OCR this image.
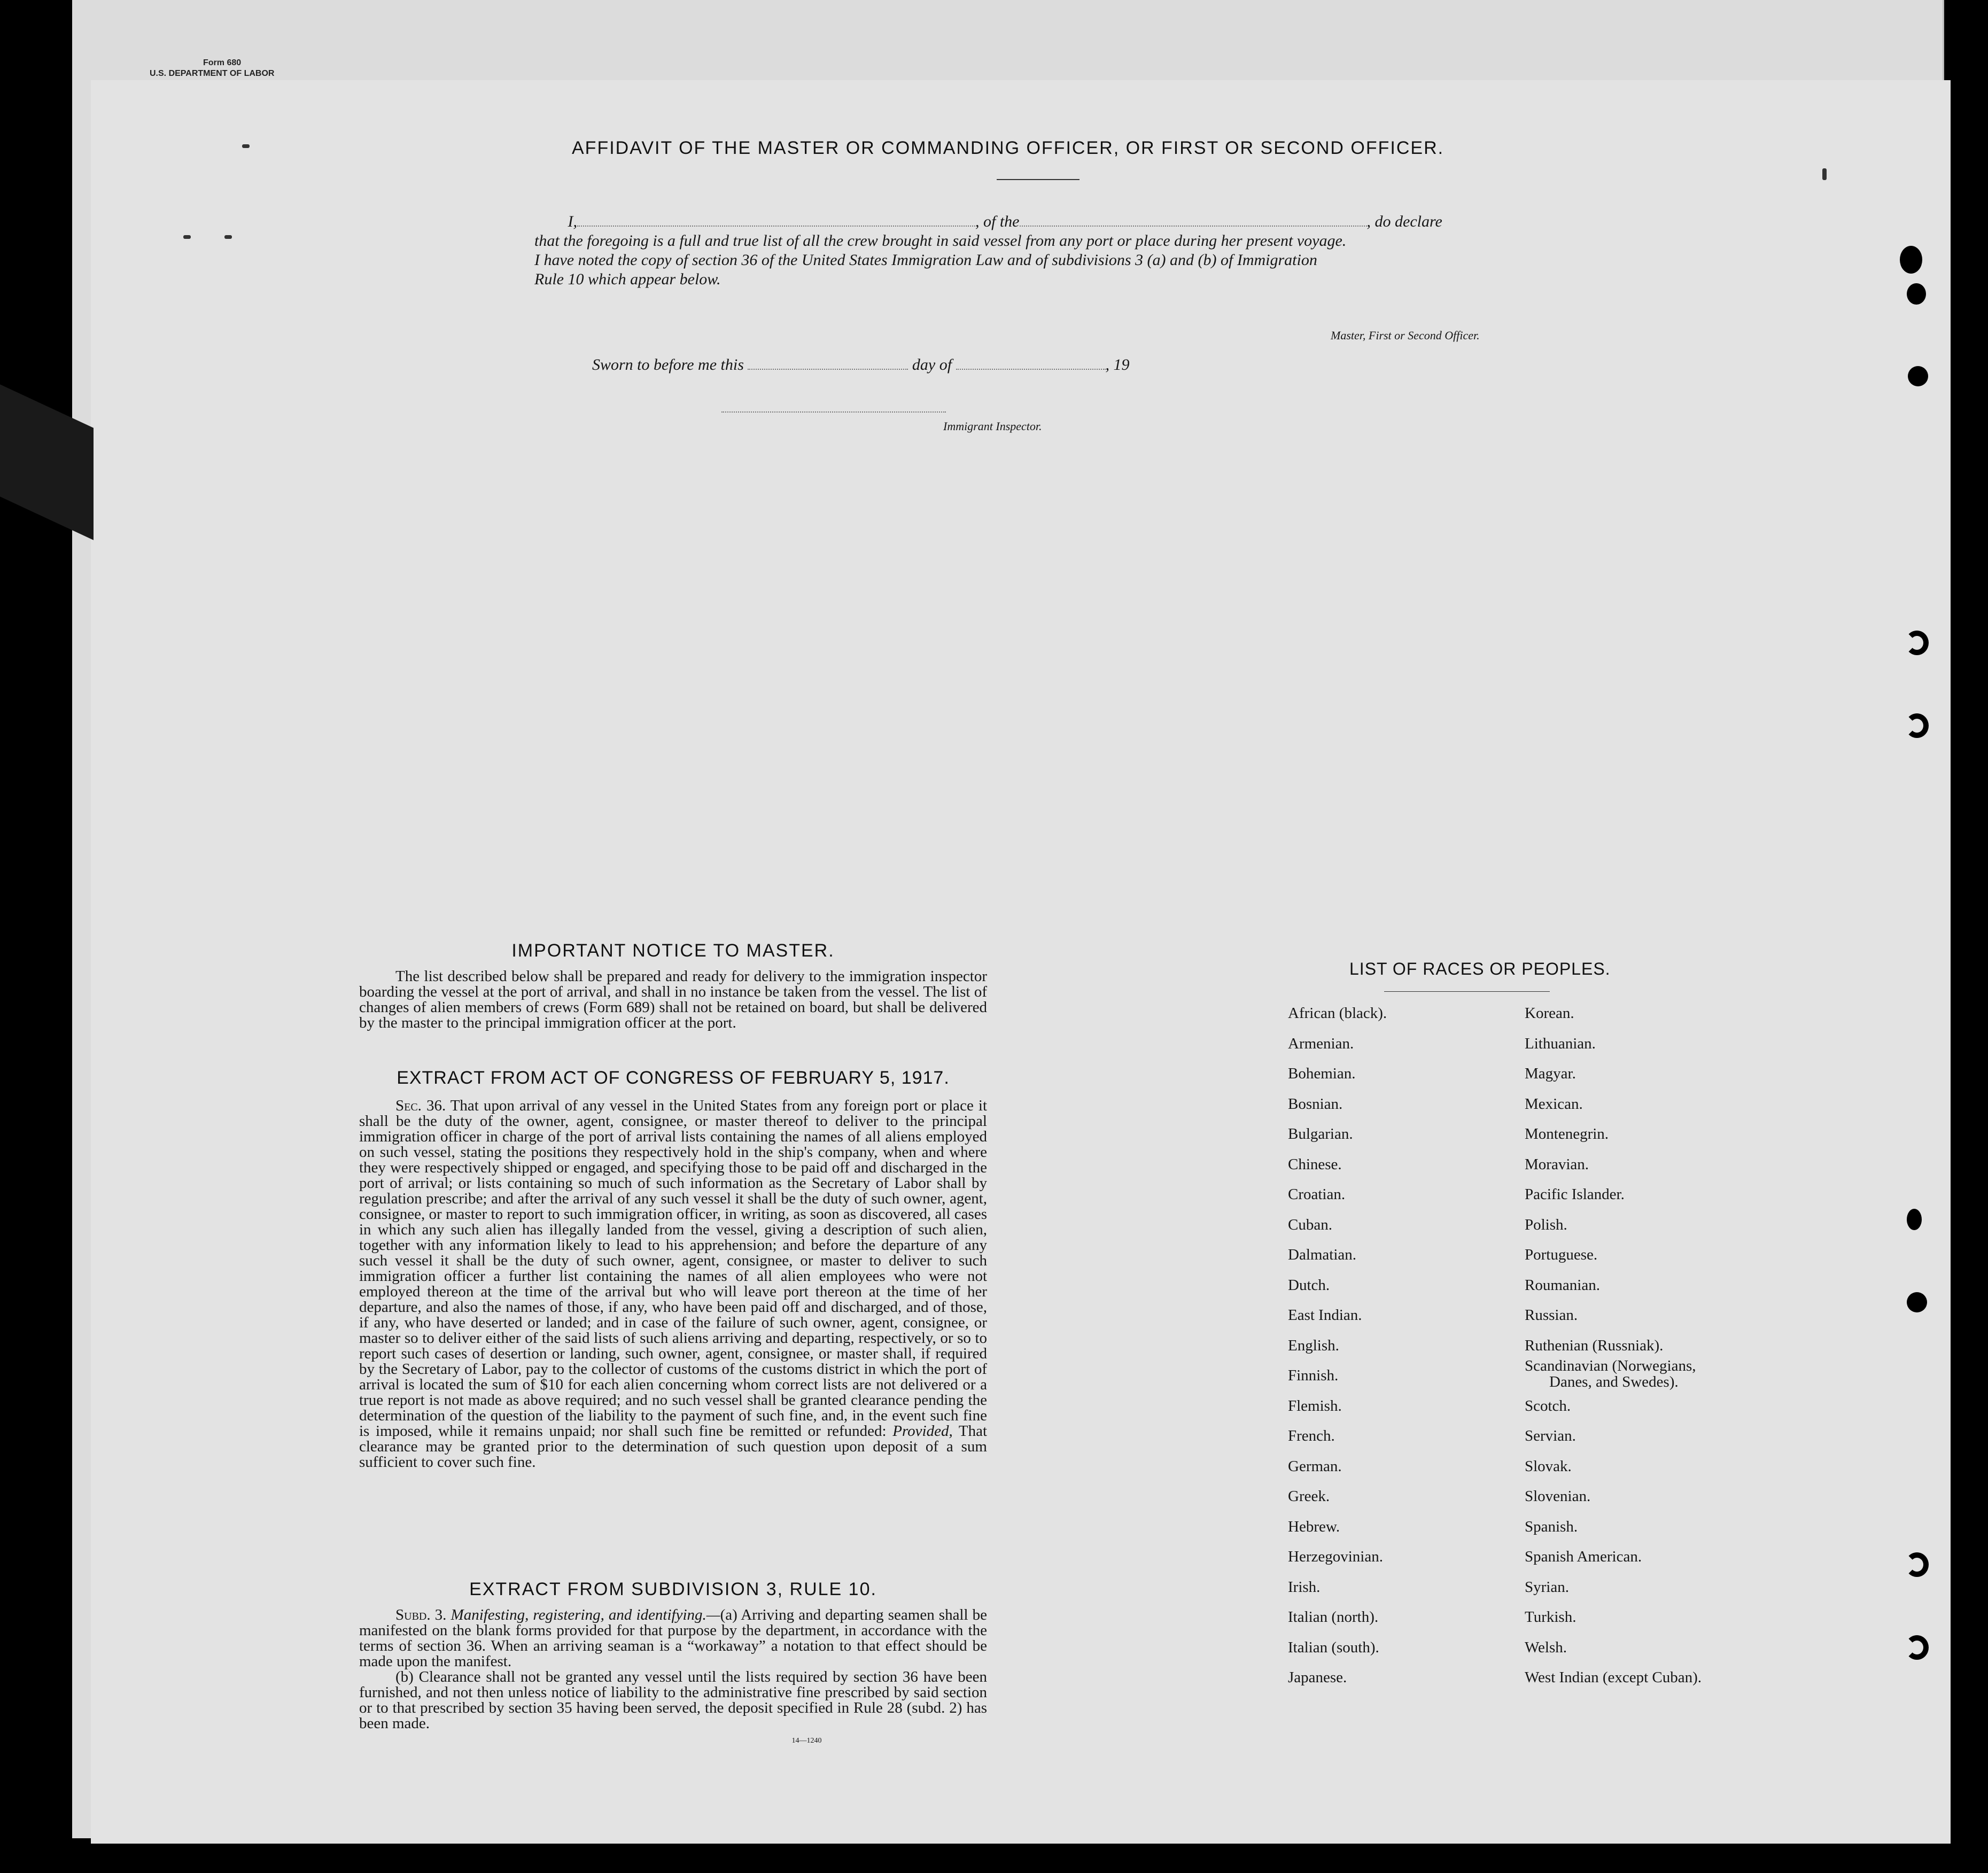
Form 680
U.S. DEPARTMENT OF LABOR
AFFIDAVIT OF THE MASTER OR COMMANDING OFFICER, OR FIRST OR SECOND OFFICER.
I,	, of the	, do declare
that the foregoing is a full and true list of all the crew brought in said vessel from any port or place during her present voyage.
I have noted the copy of section 36 of the United States Immigration Law and of subdivisions 3 (a) and (b) of Immigration
Rule 10 which appear below.
Master, First or Second Officer.
Sworn to before me this	day of	, 19
Immigrant Inspector.
IMPORTANT NOTICE TO MASTER.
The list described below shall be prepared and ready for delivery to the immigration inspector boarding the vessel at the port of arrival, and shall in no instance be taken from the vessel. The list of changes of alien members of crews (Form 689) shall not be retained on board, but shall be delivered by the master to the principal immigration officer at the port.
EXTRACT FROM ACT OF CONGRESS OF FEBRUARY 5, 1917.
Sec. 36. That upon arrival of any vessel in the United States from any foreign port or place it shall be the duty of the owner, agent, consignee, or master thereof to deliver to the principal immigration officer in charge of the port of arrival lists containing the names of all aliens employed on such vessel, stating the positions they respectively hold in the ship's company, when and where they were respectively shipped or engaged, and specifying those to be paid off and discharged in the port of arrival; or lists containing so much of such information as the Secretary of Labor shall by regulation prescribe; and after the arrival of any such vessel it shall be the duty of such owner, agent, consignee, or master to report to such immigration officer, in writing, as soon as discovered, all cases in which any such alien has illegally landed from the vessel, giving a description of such alien, together with any information likely to lead to his apprehension; and before the departure of any such vessel it shall be the duty of such owner, agent, consignee, or master to deliver to such immigration officer a further list containing the names of all alien employees who were not employed thereon at the time of the arrival but who will leave port thereon at the time of her departure, and also the names of those, if any, who have been paid off and discharged, and of those, if any, who have deserted or landed; and in case of the failure of such owner, agent, consignee, or master so to deliver either of the said lists of such aliens arriving and departing, respectively, or so to report such cases of desertion or landing, such owner, agent, consignee, or master shall, if required by the Secretary of Labor, pay to the collector of customs of the customs district in which the port of arrival is located the sum of $10 for each alien concerning whom correct lists are not delivered or a true report is not made as above required; and no such vessel shall be granted clearance pending the determination of the question of the liability to the payment of such fine, and, in the event such fine is imposed, while it remains unpaid; nor shall such fine be remitted or refunded: Provided, That clearance may be granted prior to the determination of such question upon deposit of a sum sufficient to cover such fine.
EXTRACT FROM SUBDIVISION 3, RULE 10.
Subd. 3. Manifesting, registering, and identifying.—(a) Arriving and departing seamen shall be manifested on the blank forms provided for that purpose by the department, in accordance with the terms of section 36. When an arriving seaman is a “workaway” a notation to that effect should be made upon the manifest.
(b) Clearance shall not be granted any vessel until the lists required by section 36 have been furnished, and not then unless notice of liability to the administrative fine prescribed by said section or to that prescribed by section 35 having been served, the deposit specified in Rule 28 (subd. 2) has been made.
14—1240
LIST OF RACES OR PEOPLES.
African (black).
Armenian.
Bohemian.
Bosnian.
Bulgarian.
Chinese.
Croatian.
Cuban.
Dalmatian.
Dutch.
East Indian.
English.
Finnish.
Flemish.
French.
German.
Greek.
Hebrew.
Herzegovinian.
Irish.
Italian (north).
Italian (south).
Japanese.
Korean.
Lithuanian.
Magyar.
Mexican.
Montenegrin.
Moravian.
Pacific Islander.
Polish.
Portuguese.
Roumanian.
Russian.
Ruthenian (Russniak).
Scandinavian (Norwegians,
Danes, and Swedes).
Scotch.
Servian.
Slovak.
Slovenian.
Spanish.
Spanish American.
Syrian.
Turkish.
Welsh.
West Indian (except Cuban).
